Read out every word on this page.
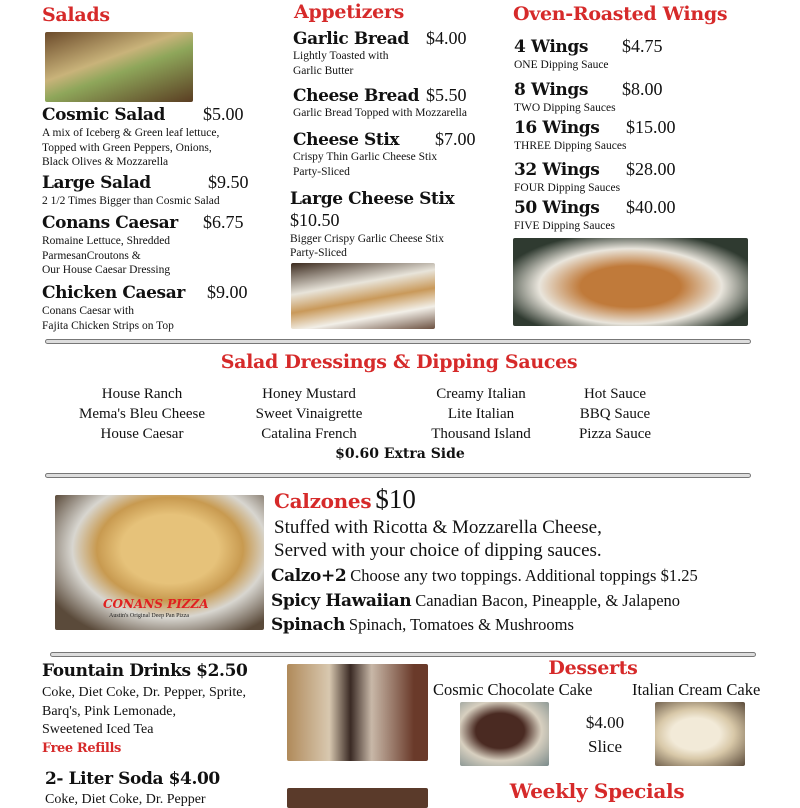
Salads
Cosmic Salad $5.00
A mix of Iceberg & Green leaf lettuce,
Topped with Green Peppers, Onions,
Black Olives & Mozzarella
Large Salad	$9.50
2 1/2 Times Bigger than Cosmic Salad
Conans Caesar $6.75
Romaine Lettuce, Shredded
ParmesanCroutons &
Our House Caesar Dressing
Chicken Caesar $9.00
Conans Caesar with
Fajita Chicken Strips on Top
Appetizers
Garlic Bread $4.00
Lightly Toasted with
Garlic Butter
Cheese Bread $5.50
Garlic Bread Topped with Mozzarella
Cheese Stix $7.00
Crispy Thin Garlic Cheese Stix
Party-Sliced
Large Cheese Stix
$10.50
Bigger Crispy Garlic Cheese Stix
Party-Sliced
Oven-Roasted Wings
4 Wings $4.75
ONE Dipping Sauce
8 Wings $8.00
TWO Dipping Sauces
16 Wings $15.00
THREE Dipping Sauces
32 Wings $28.00
FOUR Dipping Sauces
50 Wings $40.00
FIVE Dipping Sauces
Salad Dressings & Dipping Sauces
House Ranch
Mema's Bleu Cheese
House Caesar
Honey Mustard
Sweet Vinaigrette
Catalina French
Creamy Italian
Lite Italian
Thousand Island
Hot Sauce
BBQ Sauce
Pizza Sauce
$0.60 Extra Side
CONANS PIZZA
Austin's Original Deep Pan Pizza
Calzones $10
Stuffed with Ricotta & Mozzarella Cheese,
Served with your choice of dipping sauces.
Calzo+2 Choose any two toppings. Additional toppings $1.25
Spicy Hawaiian Canadian Bacon, Pineapple, & Jalapeno
Spinach Spinach, Tomatoes & Mushrooms
Fountain Drinks $2.50
Coke, Diet Coke, Dr. Pepper, Sprite,
Barq's, Pink Lemonade,
Sweetened Iced Tea
Free Refills
2- Liter Soda $4.00
Coke, Diet Coke, Dr. Pepper
Desserts
Cosmic Chocolate Cake Italian Cream Cake
$4.00
Slice
Weekly Specials
